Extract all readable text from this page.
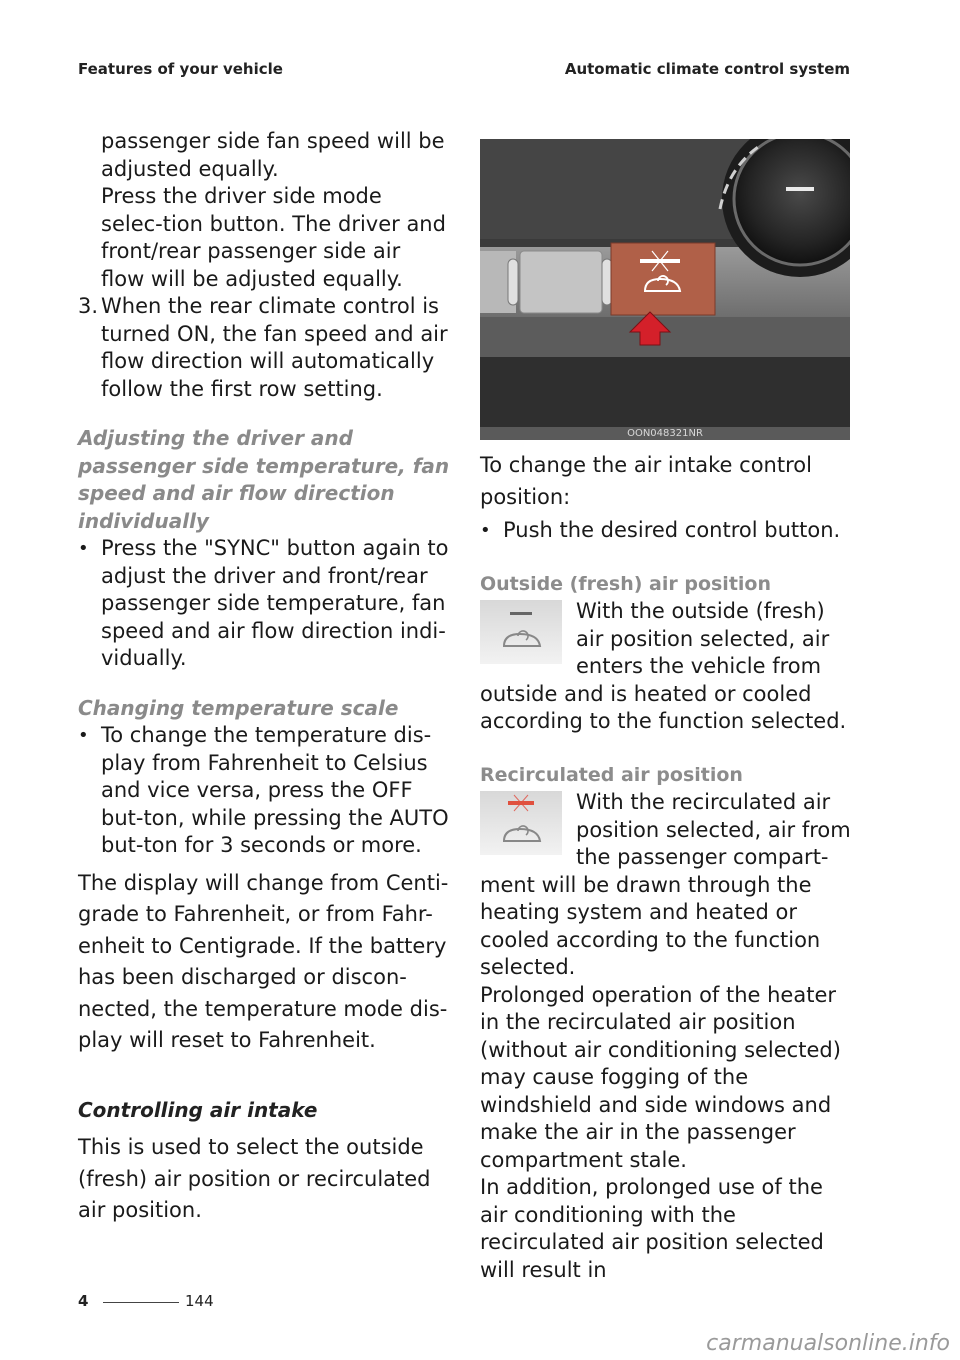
Features of your vehicle	Automatic climate control system

passenger side fan speed will be adjusted equally.

Press the driver side mode selec-tion button. The driver and front/rear passenger side air flow will be adjusted equally.

3. When the rear climate control is turned ON, the fan speed and air flow direction will automatically follow the first row setting.
Adjusting the driver and passenger side temperature, fan speed and air flow direction individually
• Press the "SYNC" button again to adjust the driver and front/rear passenger side temperature, fan speed and air flow direction indi-vidually.
Changing temperature scale
• To change the temperature dis-play from Fahrenheit to Celsius and vice versa, press the OFF but-ton, while pressing the AUTO but-ton for 3 seconds or more.

The display will change from Centi-grade to Fahrenheit, or from Fahr-enheit to Centigrade. If the battery has been discharged or discon-nected, the temperature mode dis-play will reset to Fahrenheit.

Controlling air intake

This is used to select the outside (fresh) air position or recirculated air position.

OON048321NR

To change the air intake control position:

• Push the desired control button.
Outside (fresh) air position

With the outside (fresh) air position selected, air enters the vehicle from outside and is heated or cooled according to the function selected.

Recirculated air position

With the recirculated air position selected, air from the passenger compart-ment will be drawn through the heating system and heated or cooled according to the function selected.

Prolonged operation of the heater in the recirculated air position (without air conditioning selected) may cause fogging of the windshield and side windows and make the air in the passenger compartment stale.

In addition, prolonged use of the air conditioning with the recirculated air position selected will result in

4	144
carmanualsonline.info
